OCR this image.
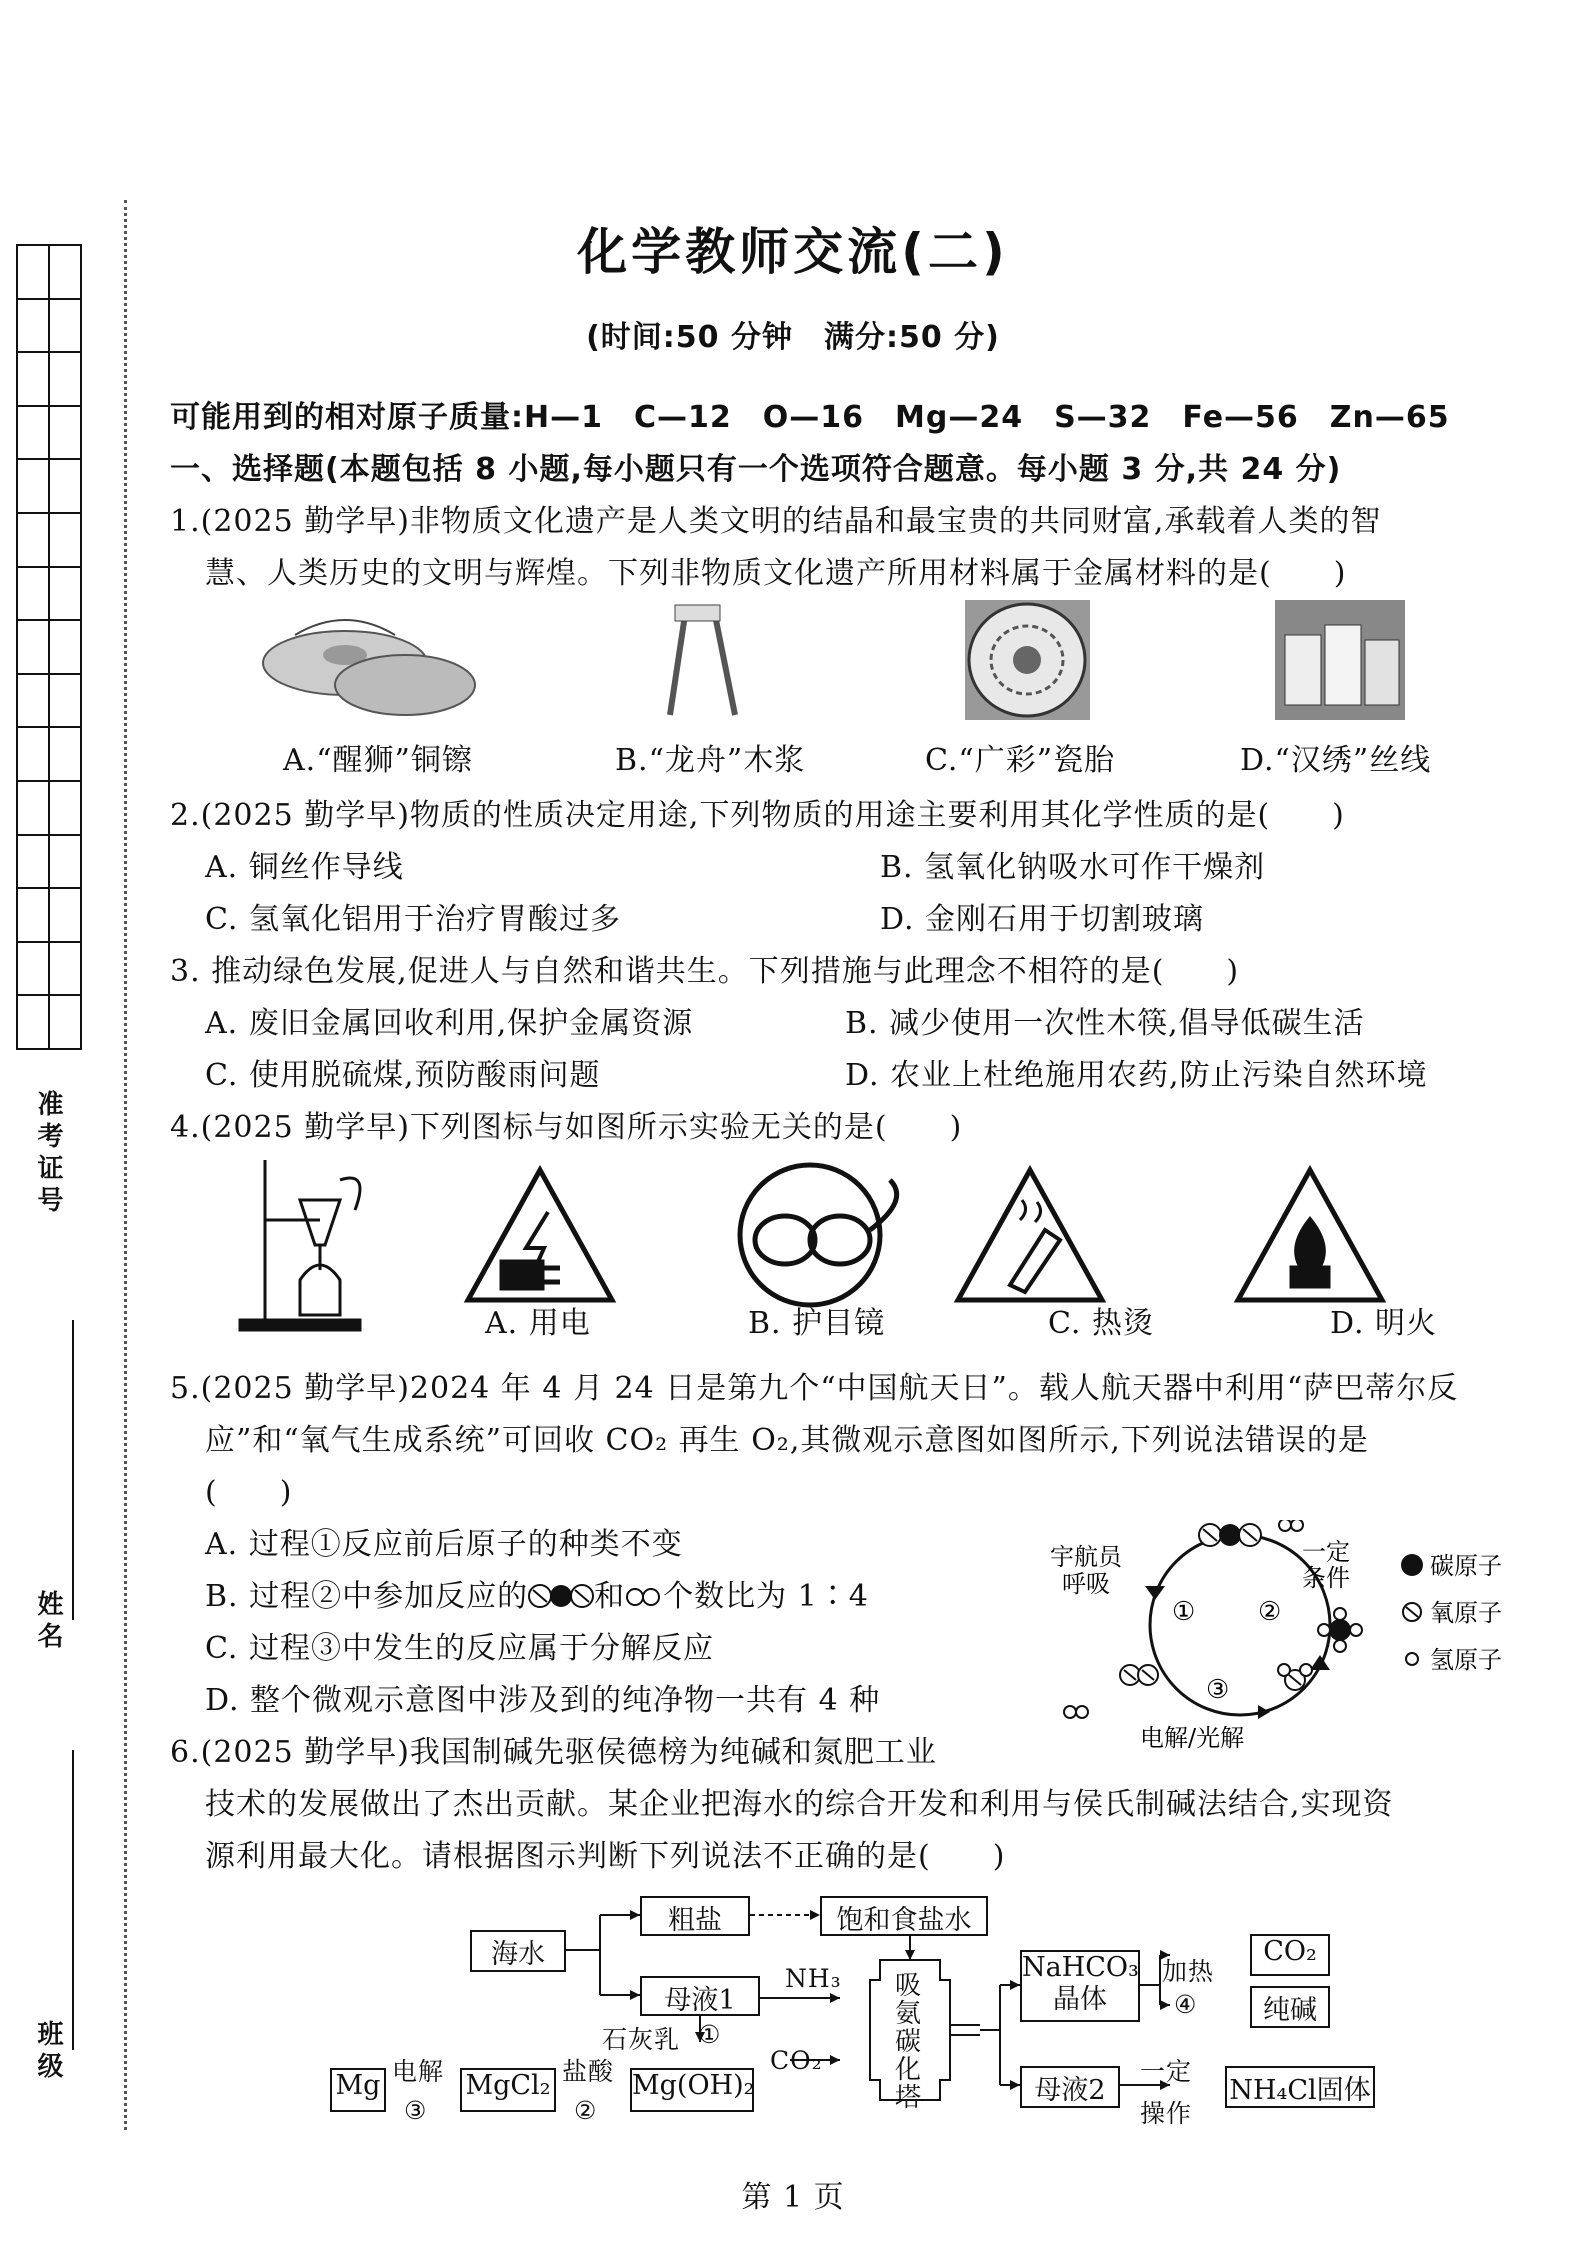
准考证号
姓名
班级
化学教师交流(二)
(时间:50 分钟　满分:50 分)
可能用到的相对原子质量:H—1　C—12　O—16　Mg—24　S—32　Fe—56　Zn—65
一、选择题(本题包括 8 小题,每小题只有一个选项符合题意。每小题 3 分,共 24 分)
1.(2025 勤学早)非物质文化遗产是人类文明的结晶和最宝贵的共同财富,承载着人类的智
慧、人类历史的文明与辉煌。下列非物质文化遗产所用材料属于金属材料的是(　　)
A.“醒狮”铜镲	B.“龙舟”木浆	C.“广彩”瓷胎	D.“汉绣”丝线
2.(2025 勤学早)物质的性质决定用途,下列物质的用途主要利用其化学性质的是(　　)
A. 铜丝作导线	B. 氢氧化钠吸水可作干燥剂
C. 氢氧化铝用于治疗胃酸过多	D. 金刚石用于切割玻璃
3. 推动绿色发展,促进人与自然和谐共生。下列措施与此理念不相符的是(　　)
A. 废旧金属回收利用,保护金属资源	B. 减少使用一次性木筷,倡导低碳生活
C. 使用脱硫煤,预防酸雨问题	D. 农业上杜绝施用农药,防止污染自然环境
4.(2025 勤学早)下列图标与如图所示实验无关的是(　　)
A. 用电	B. 护目镜	C. 热烫	D. 明火
5.(2025 勤学早)2024 年 4 月 24 日是第九个“中国航天日”。载人航天器中利用“萨巴蒂尔反
应”和“氧气生成系统”可回收 CO₂ 再生 O₂,其微观示意图如图所示,下列说法错误的是
(　　)
A. 过程①反应前后原子的种类不变
B. 过程②中参加反应的 和 个数比为 1∶4
C. 过程③中发生的反应属于分解反应
D. 整个微观示意图中涉及到的纯净物一共有 4 种
宇航员
呼吸
一定
条件
① ②
③
电解/光解
碳原子
氧原子
氢原子
6.(2025 勤学早)我国制碱先驱侯德榜为纯碱和氮肥工业
技术的发展做出了杰出贡献。某企业把海水的综合开发和利用与侯氏制碱法结合,实现资
源利用最大化。请根据图示判断下列说法不正确的是(　　)
海水
粗盐	饱和食盐水
母液1
石灰乳 ①
Mg(OH)₂
盐酸
②
MgCl₂
电解
③
Mg
NH₃
CO₂
吸
氨
碳
化
塔
NaHCO₃
晶体
加热
④
CO₂
纯碱
母液2
一定
操作
NH₄Cl固体
第 1 页
